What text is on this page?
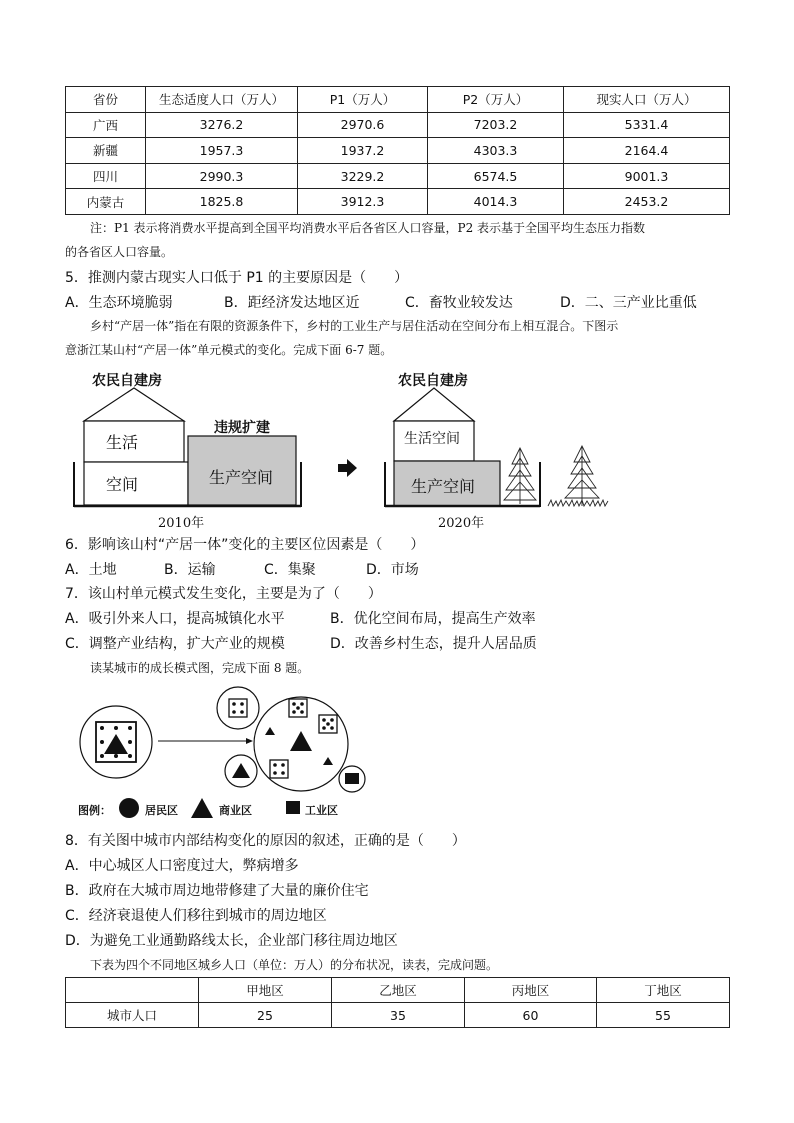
省份	生态适度人口（万人）	P1（万人）	P2（万人）	现实人口（万人）
广西	3276.2	2970.6	7203.2	5331.4
新疆	1957.3	1937.2	4303.3	2164.4
四川	2990.3	3229.2	6574.5	9001.3
内蒙古	1825.8	3912.3	4014.3	2453.2
注：P1 表示将消费水平提高到全国平均消费水平后各省区人口容量，P2 表示基于全国平均生态压力指数
的各省区人口容量。
5．推测内蒙古现实人口低于 P1 的主要原因是（　　）
A．生态环境脆弱	B．距经济发达地区近	C．畜牧业较发达	D．二、三产业比重低
乡村“产居一体”指在有限的资源条件下，乡村的工业生产与居住活动在空间分布上相互混合。下图示
意浙江某山村“产居一体”单元模式的变化。完成下面 6-7 题。
农民自建房
生活
空间
违规扩建
生产空间
2010年
农民自建房
生活空间
生产空间
2020年
6．影响该山村“产居一体”变化的主要区位因素是（　　）
A．土地	B．运输	C．集聚	D．市场
7．该山村单元模式发生变化，主要是为了（　　）
A．吸引外来人口，提高城镇化水平	B．优化空间布局，提高生产效率
C．调整产业结构，扩大产业的规模	D．改善乡村生态，提升人居品质
读某城市的成长模式图，完成下面 8 题。
图例：	居民区	商业区	工业区
8．有关图中城市内部结构变化的原因的叙述，正确的是（　　）
A．中心城区人口密度过大，弊病增多
B．政府在大城市周边地带修建了大量的廉价住宅
C．经济衰退使人们移往到城市的周边地区
D．为避免工业通勤路线太长，企业部门移往周边地区
下表为四个不同地区城乡人口（单位：万人）的分布状况，读表，完成问题。
	甲地区	乙地区	丙地区	丁地区
城市人口	25	35	60	55
